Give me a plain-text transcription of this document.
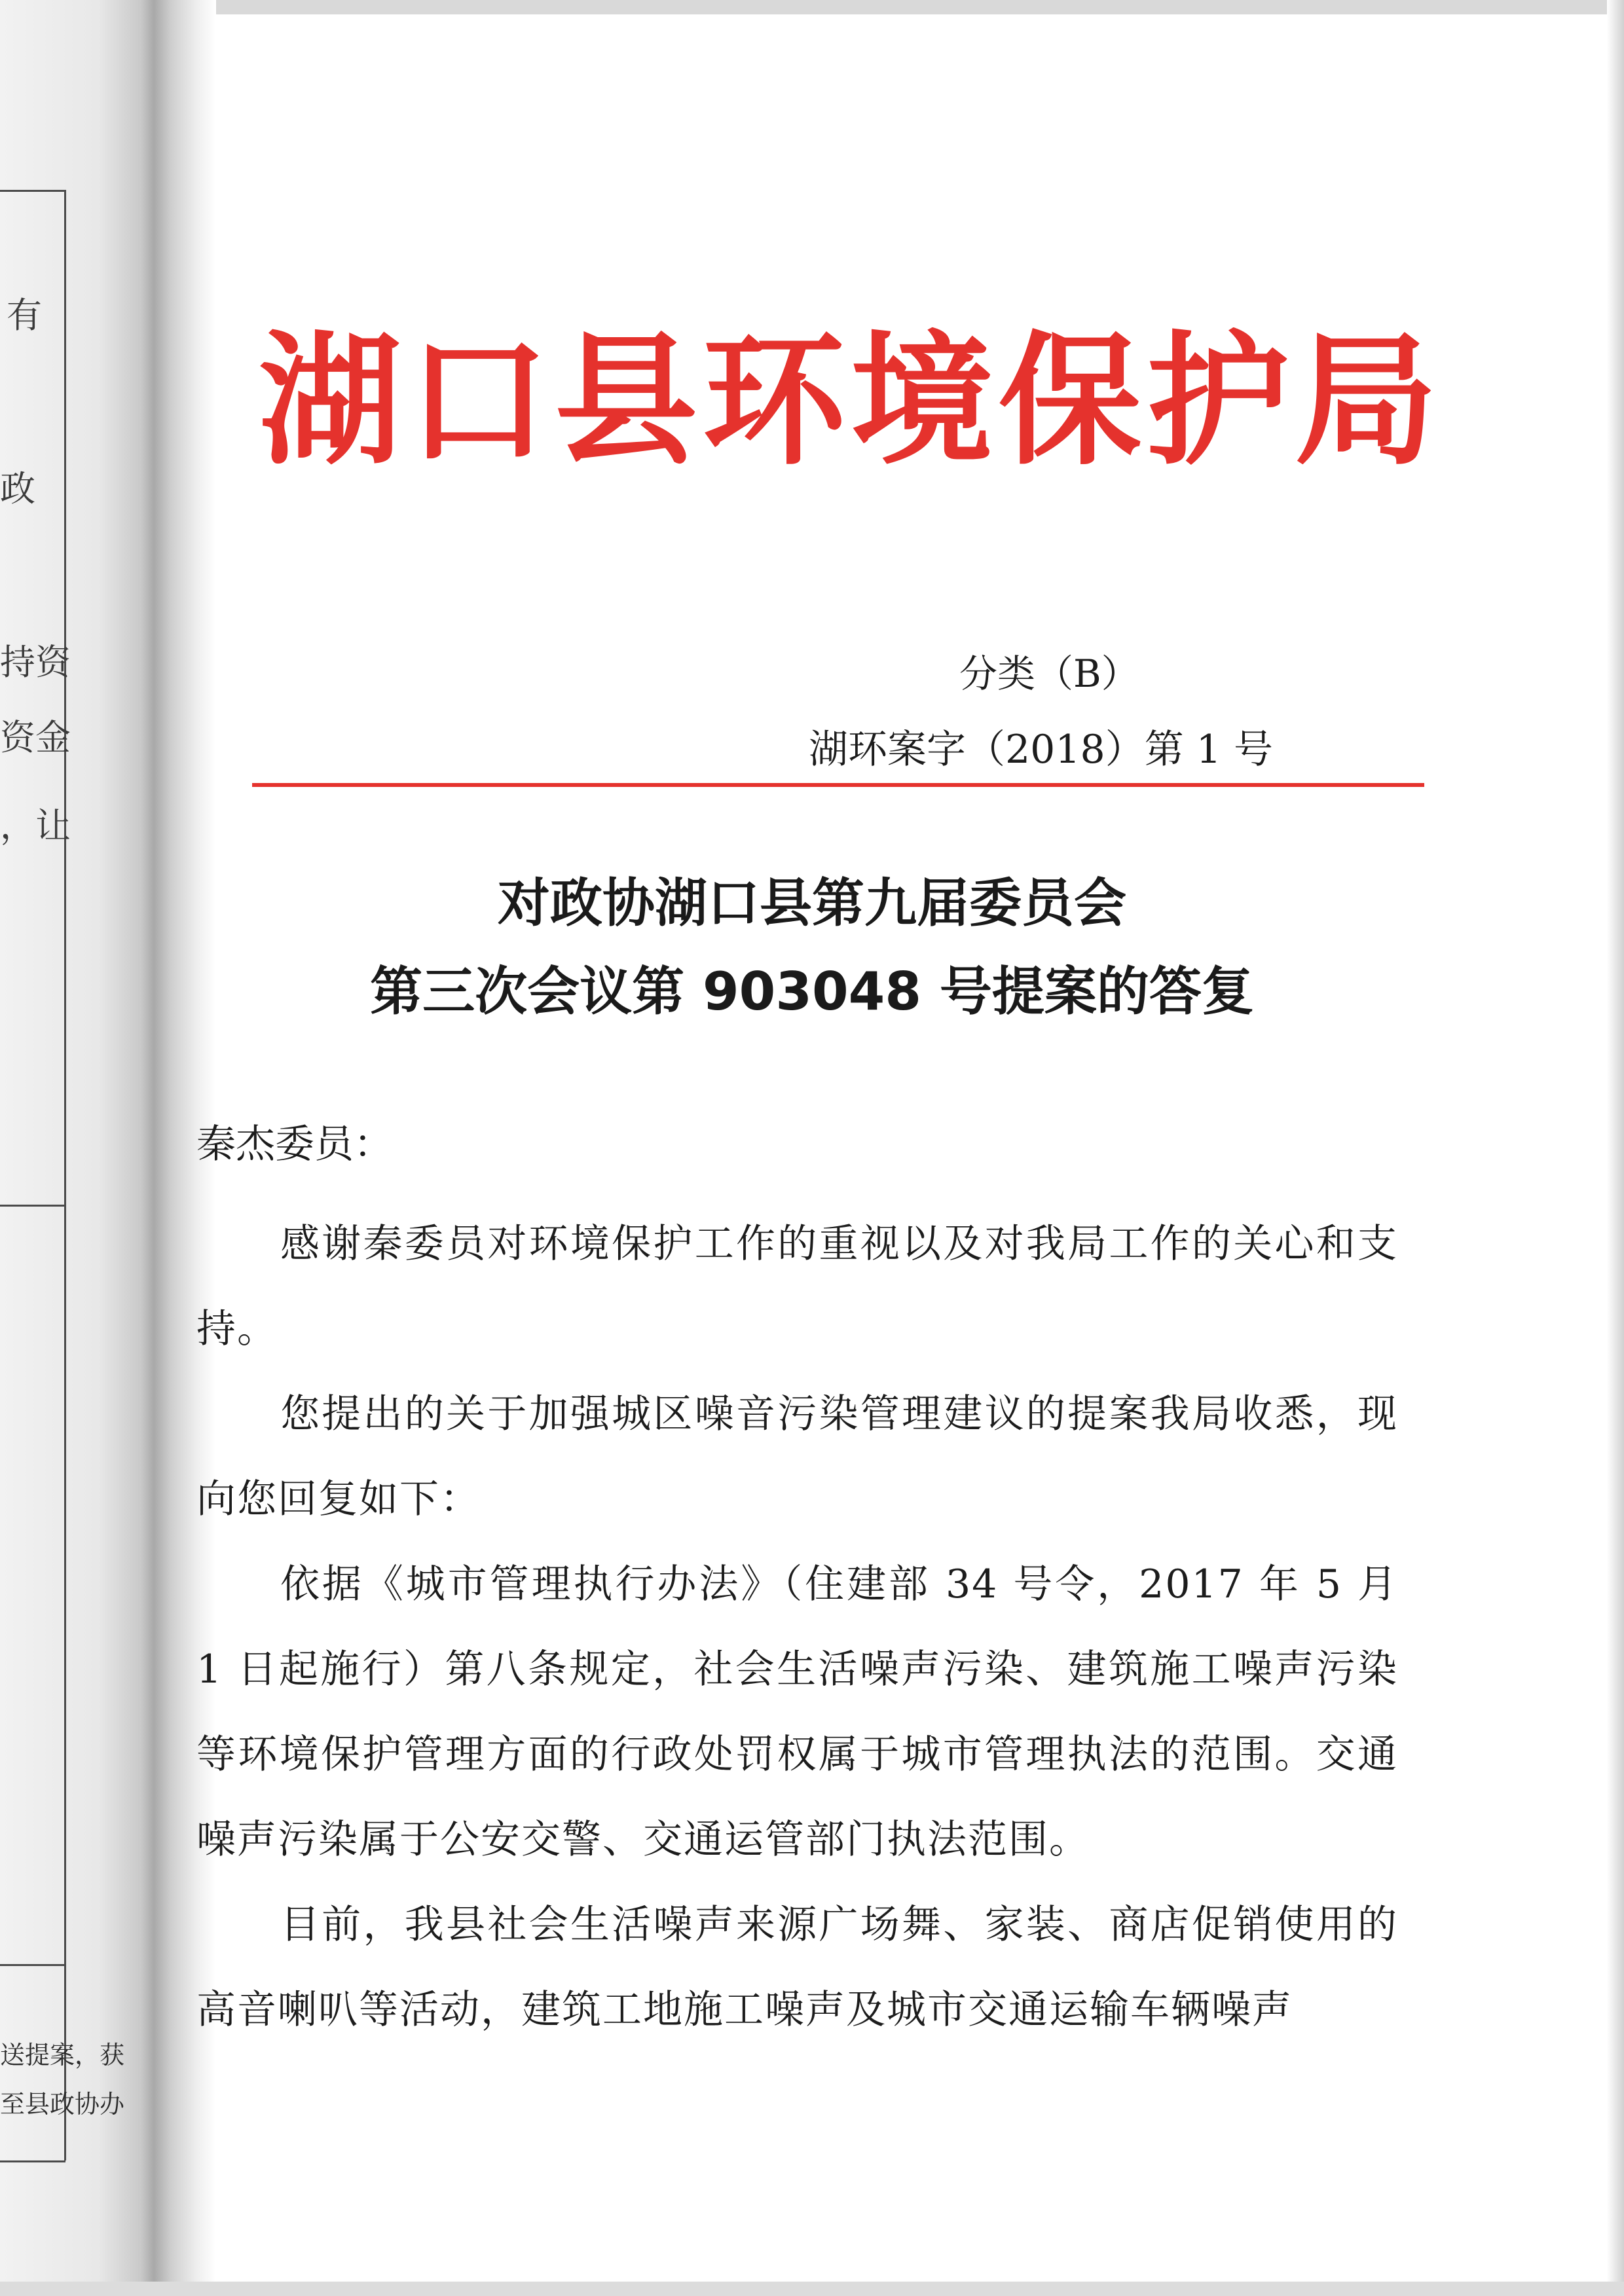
有
政
持资
资金
，让
送提案，获
至县政协办
湖口县环境保护局
分类（B）
湖环案字（2018）第 1 号
对政协湖口县第九届委员会
第三次会议第 903048 号提案的答复
秦杰委员：
感谢秦委员对环境保护工作的重视以及对我局工作的关心和支持。
您提出的关于加强城区噪音污染管理建议的提案我局收悉，现向您回复如下：
依据《城市管理执行办法》（住建部 34 号令，2017 年 5 月 1 日起施行）第八条规定，社会生活噪声污染、建筑施工噪声污染等环境保护管理方面的行政处罚权属于城市管理执法的范围。交通噪声污染属于公安交警、交通运管部门执法范围。
目前，我县社会生活噪声来源广场舞、家装、商店促销使用的高音喇叭等活动，建筑工地施工噪声及城市交通运输车辆噪声
